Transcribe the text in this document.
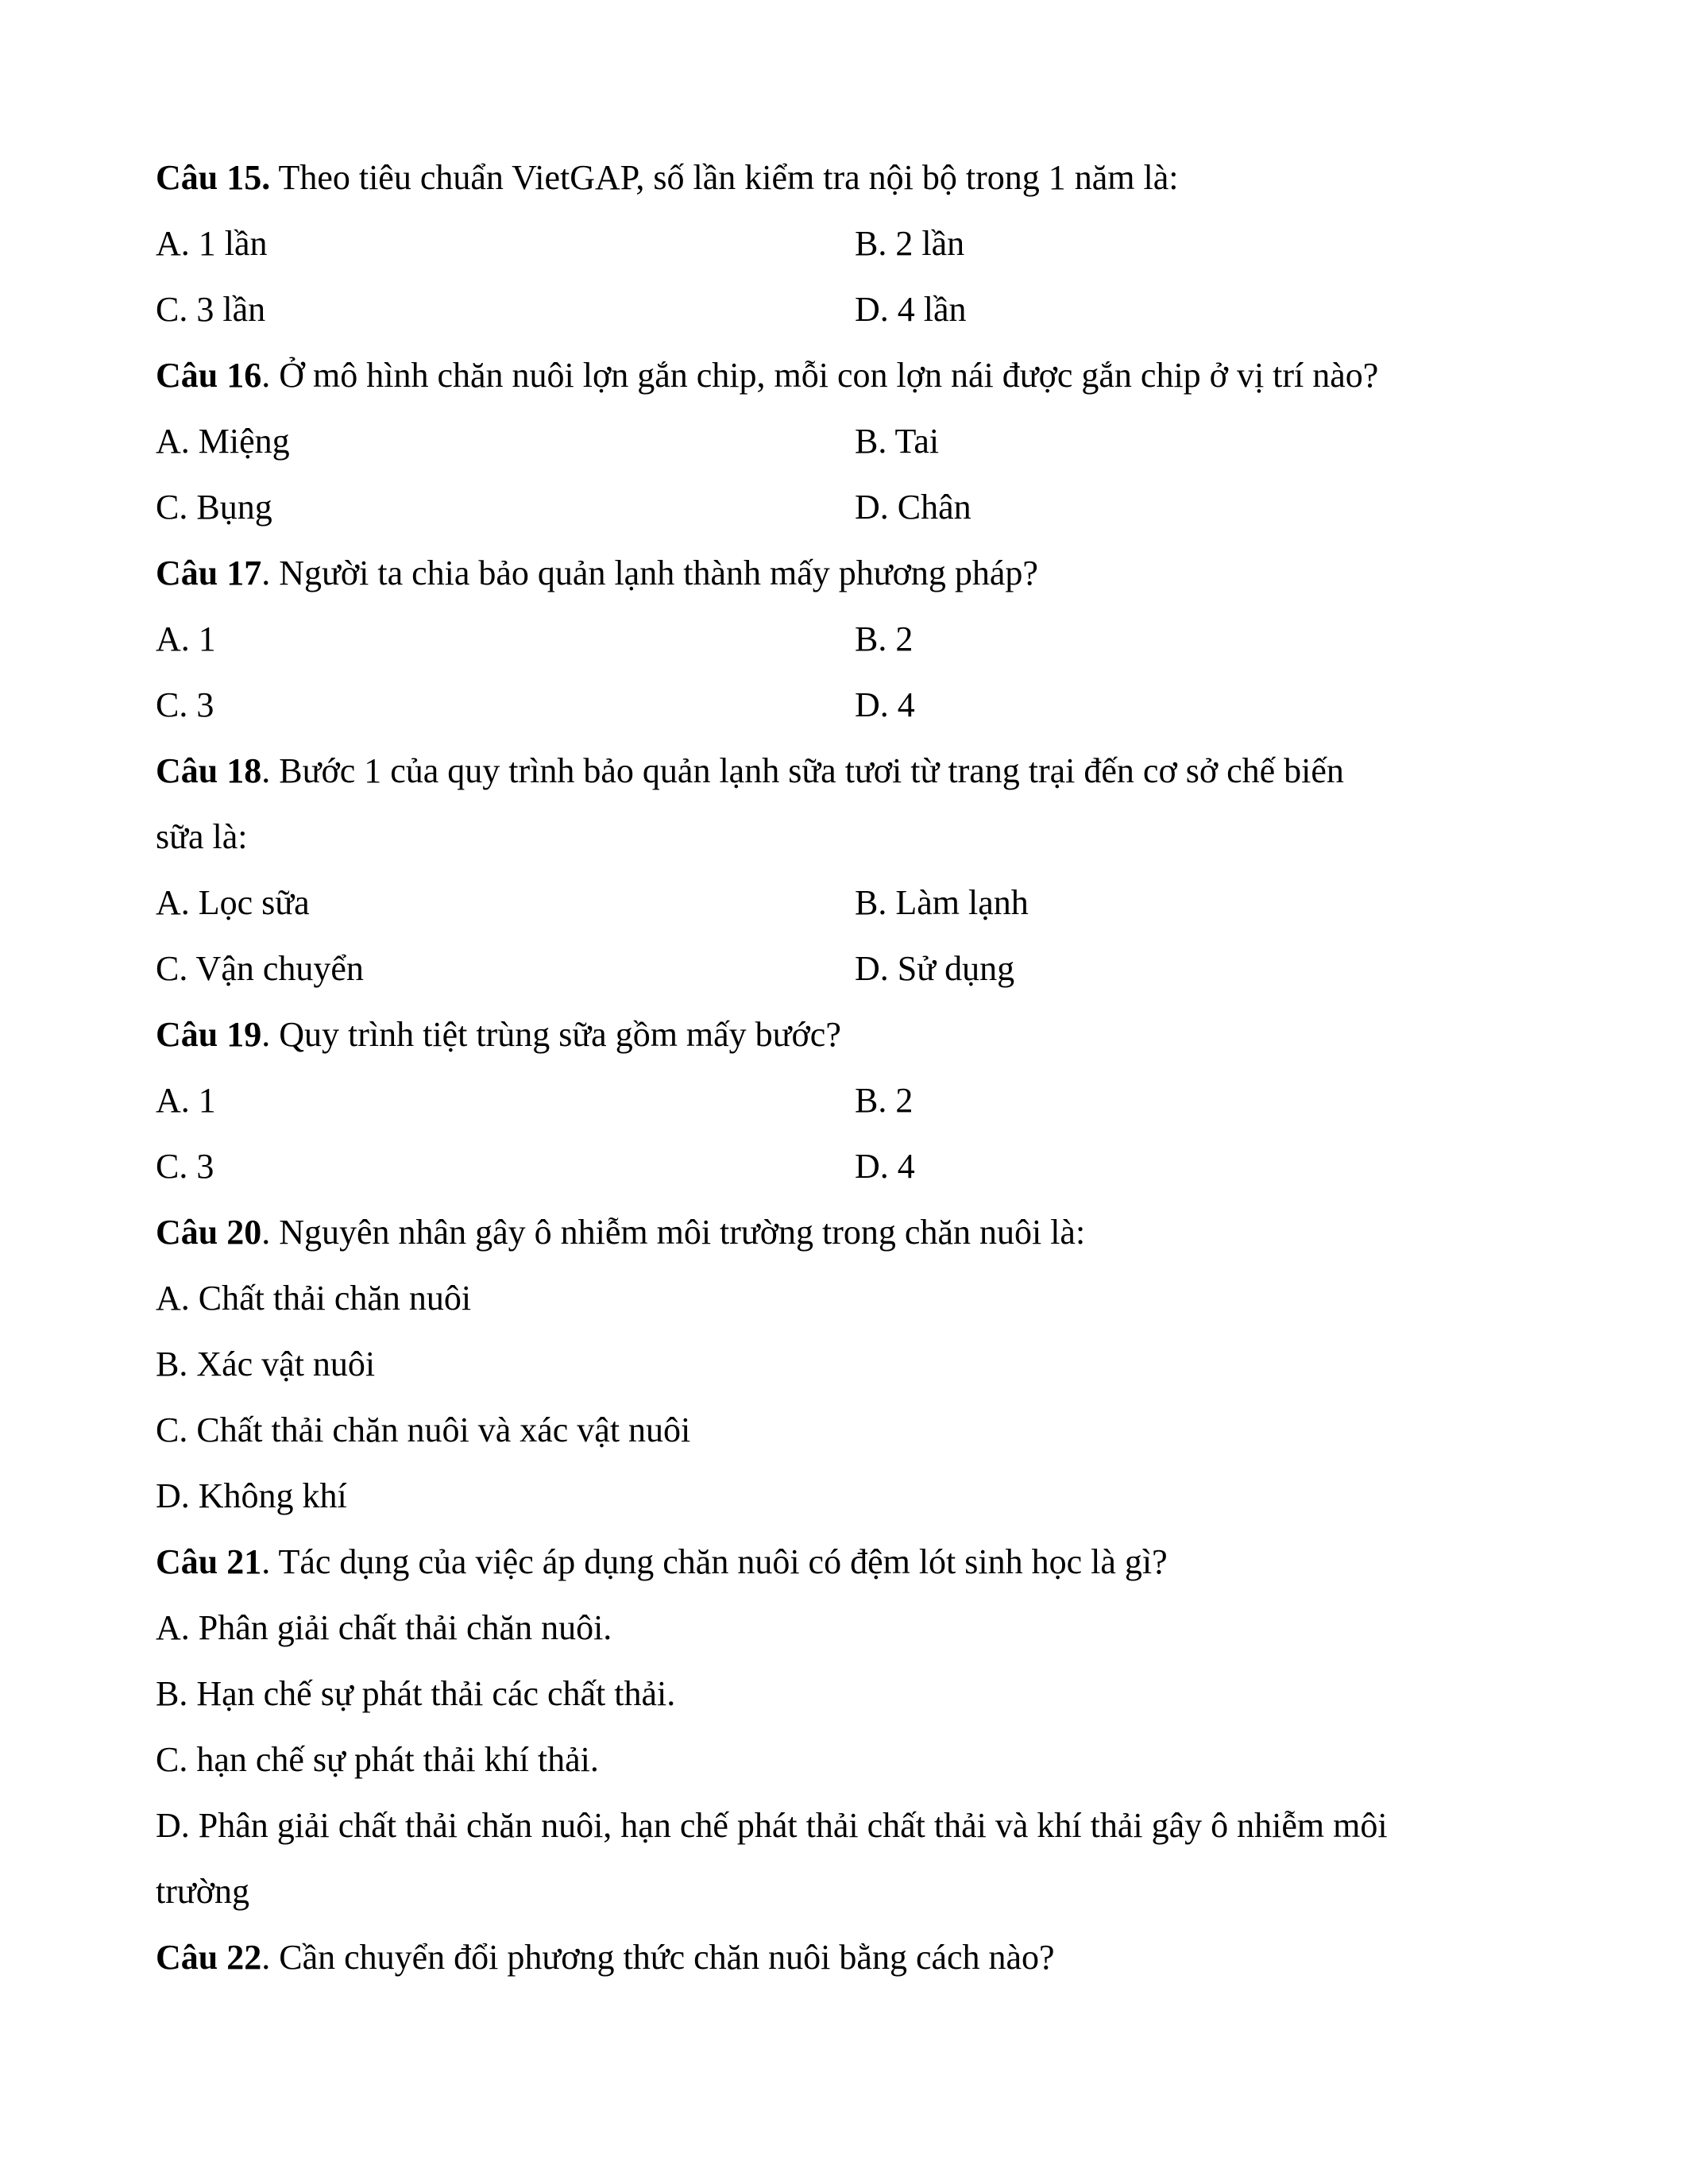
Câu 15. Theo tiêu chuẩn VietGAP, số lần kiểm tra nội bộ trong 1 năm là:
A. 1 lần	B. 2 lần
C. 3 lần	D. 4 lần
Câu 16. Ở mô hình chăn nuôi lợn gắn chip, mỗi con lợn nái được gắn chip ở vị trí nào?
A. Miệng	B. Tai
C. Bụng	D. Chân
Câu 17. Người ta chia bảo quản lạnh thành mấy phương pháp?
A. 1	B. 2
C. 3	D. 4
Câu 18. Bước 1 của quy trình bảo quản lạnh sữa tươi từ trang trại đến cơ sở chế biến
sữa là:
A. Lọc sữa	B. Làm lạnh
C. Vận chuyển	D. Sử dụng
Câu 19. Quy trình tiệt trùng sữa gồm mấy bước?
A. 1	B. 2
C. 3	D. 4
Câu 20. Nguyên nhân gây ô nhiễm môi trường trong chăn nuôi là:
A. Chất thải chăn nuôi
B. Xác vật nuôi
C. Chất thải chăn nuôi và xác vật nuôi
D. Không khí
Câu 21. Tác dụng của việc áp dụng chăn nuôi có đệm lót sinh học là gì?
A. Phân giải chất thải chăn nuôi.
B. Hạn chế sự phát thải các chất thải.
C. hạn chế sự phát thải khí thải.
D. Phân giải chất thải chăn nuôi, hạn chế phát thải chất thải và khí thải gây ô nhiễm môi
trường
Câu 22. Cần chuyển đổi phương thức chăn nuôi bằng cách nào?
